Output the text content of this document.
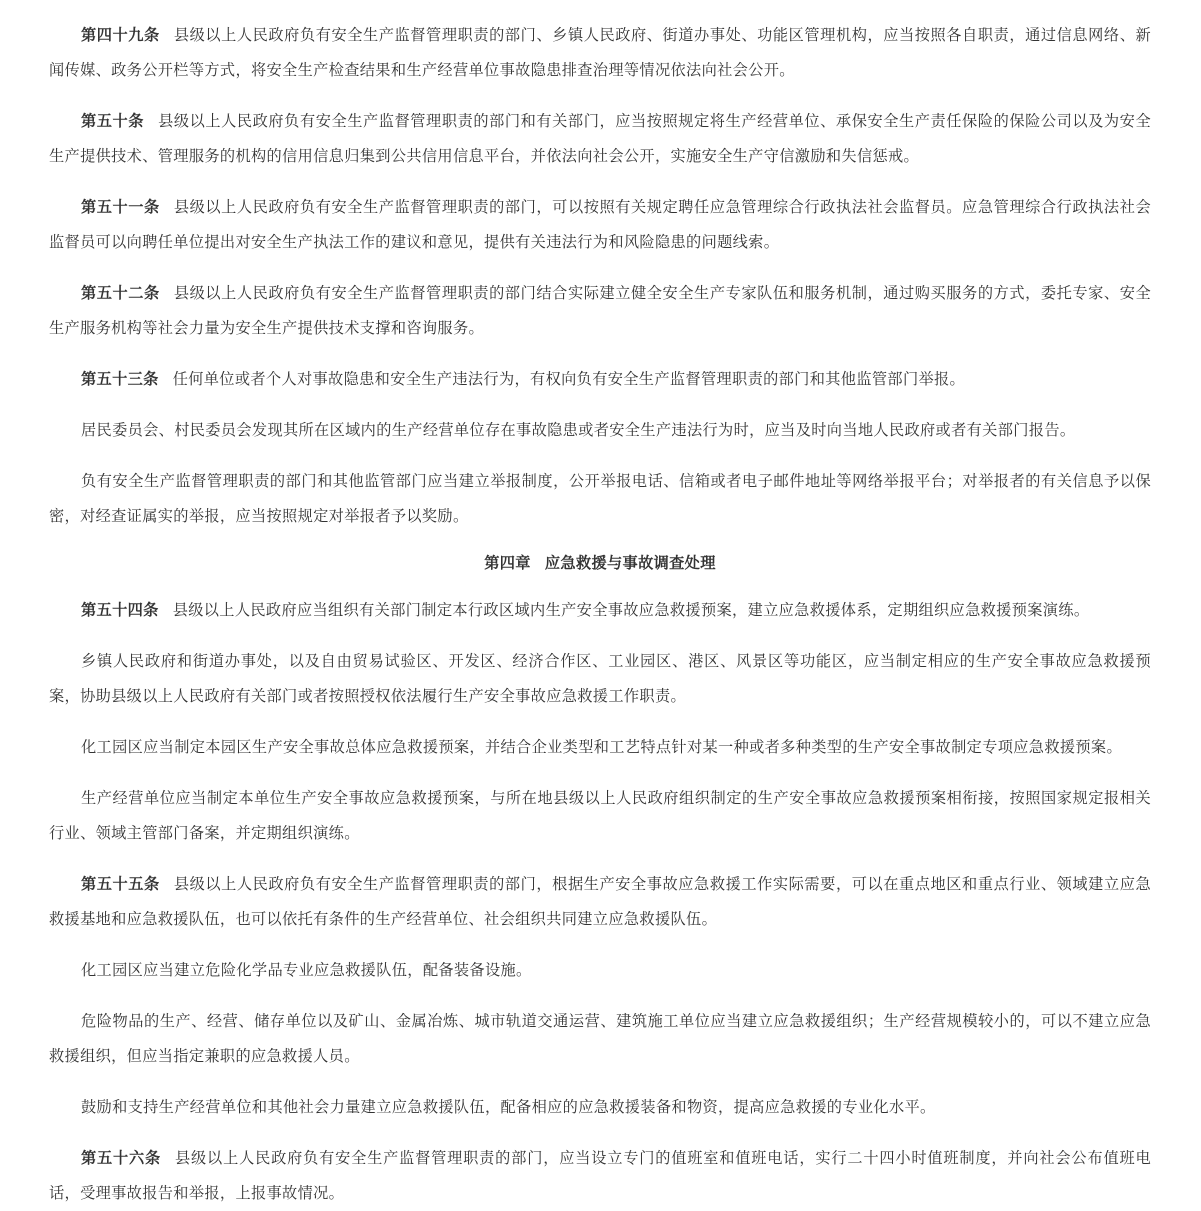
第四十九条 县级以上人民政府负有安全生产监督管理职责的部门、乡镇人民政府、街道办事处、功能区管理机构，应当按照各自职责，通过信息网络、新闻传媒、政务公开栏等方式，将安全生产检查结果和生产经营单位事故隐患排查治理等情况依法向社会公开。

第五十条 县级以上人民政府负有安全生产监督管理职责的部门和有关部门，应当按照规定将生产经营单位、承保安全生产责任保险的保险公司以及为安全生产提供技术、管理服务的机构的信用信息归集到公共信用信息平台，并依法向社会公开，实施安全生产守信激励和失信惩戒。

第五十一条 县级以上人民政府负有安全生产监督管理职责的部门，可以按照有关规定聘任应急管理综合行政执法社会监督员。应急管理综合行政执法社会监督员可以向聘任单位提出对安全生产执法工作的建议和意见，提供有关违法行为和风险隐患的问题线索。

第五十二条 县级以上人民政府负有安全生产监督管理职责的部门结合实际建立健全安全生产专家队伍和服务机制，通过购买服务的方式，委托专家、安全生产服务机构等社会力量为安全生产提供技术支撑和咨询服务。

第五十三条 任何单位或者个人对事故隐患和安全生产违法行为，有权向负有安全生产监督管理职责的部门和其他监管部门举报。

居民委员会、村民委员会发现其所在区域内的生产经营单位存在事故隐患或者安全生产违法行为时，应当及时向当地人民政府或者有关部门报告。

负有安全生产监督管理职责的部门和其他监管部门应当建立举报制度，公开举报电话、信箱或者电子邮件地址等网络举报平台；对举报者的有关信息予以保密，对经查证属实的举报，应当按照规定对举报者予以奖励。

第四章 应急救援与事故调查处理

第五十四条 县级以上人民政府应当组织有关部门制定本行政区域内生产安全事故应急救援预案，建立应急救援体系，定期组织应急救援预案演练。

乡镇人民政府和街道办事处，以及自由贸易试验区、开发区、经济合作区、工业园区、港区、风景区等功能区，应当制定相应的生产安全事故应急救援预案，协助县级以上人民政府有关部门或者按照授权依法履行生产安全事故应急救援工作职责。

化工园区应当制定本园区生产安全事故总体应急救援预案，并结合企业类型和工艺特点针对某一种或者多种类型的生产安全事故制定专项应急救援预案。

生产经营单位应当制定本单位生产安全事故应急救援预案，与所在地县级以上人民政府组织制定的生产安全事故应急救援预案相衔接，按照国家规定报相关行业、领域主管部门备案，并定期组织演练。

第五十五条 县级以上人民政府负有安全生产监督管理职责的部门，根据生产安全事故应急救援工作实际需要，可以在重点地区和重点行业、领域建立应急救援基地和应急救援队伍，也可以依托有条件的生产经营单位、社会组织共同建立应急救援队伍。

化工园区应当建立危险化学品专业应急救援队伍，配备装备设施。

危险物品的生产、经营、储存单位以及矿山、金属冶炼、城市轨道交通运营、建筑施工单位应当建立应急救援组织；生产经营规模较小的，可以不建立应急救援组织，但应当指定兼职的应急救援人员。

鼓励和支持生产经营单位和其他社会力量建立应急救援队伍，配备相应的应急救援装备和物资，提高应急救援的专业化水平。

第五十六条 县级以上人民政府负有安全生产监督管理职责的部门，应当设立专门的值班室和值班电话，实行二十四小时值班制度，并向社会公布值班电话，受理事故报告和举报，上报事故情况。
